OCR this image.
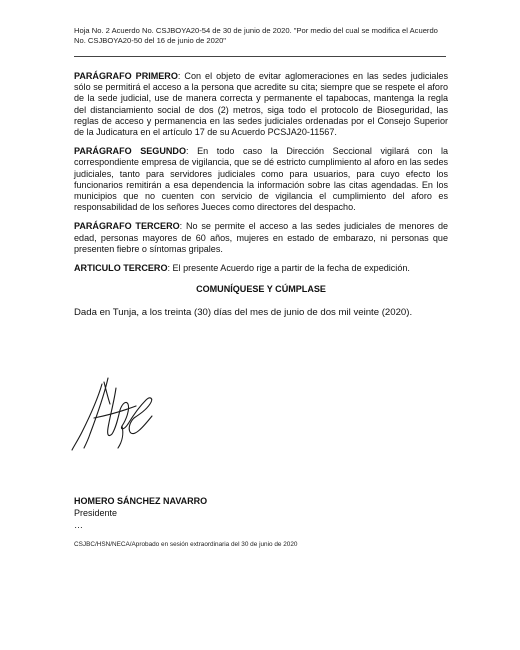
Hoja No. 2 Acuerdo No. CSJBOYA20-54 de 30 de junio de 2020. "Por medio del cual se modifica el Acuerdo
No. CSJBOYA20-50 del 16 de junio de 2020"

PARÁGRAFO PRIMERO: Con el objeto de evitar aglomeraciones en las sedes judiciales sólo se permitirá el acceso a la persona que acredite su cita; siempre que se respete el aforo de la sede judicial, use de manera correcta y permanente el tapabocas, mantenga la regla del distanciamiento social de dos (2) metros, siga todo el protocolo de Bioseguridad, las reglas de acceso y permanencia en las sedes judiciales ordenadas por el Consejo Superior de la Judicatura en el artículo 17 de su Acuerdo PCSJA20-11567.

PARÁGRAFO SEGUNDO: En todo caso la Dirección Seccional vigilará con la correspondiente empresa de vigilancia, que se dé estricto cumplimiento al aforo en las sedes judiciales, tanto para servidores judiciales como para usuarios, para cuyo efecto los funcionarios remitirán a esa dependencia la información sobre las citas agendadas. En los municipios que no cuenten con servicio de vigilancia el cumplimiento del aforo es responsabilidad de los señores Jueces como directores del despacho.

PARÁGRAFO TERCERO: No se permite el acceso a las sedes judiciales de menores de edad, personas mayores de 60 años, mujeres en estado de embarazo, ni personas que presenten fiebre o síntomas gripales.

ARTICULO TERCERO: El presente Acuerdo rige a partir de la fecha de expedición.

COMUNÍQUESE Y CÚMPLASE

Dada en Tunja, a los treinta (30) días del mes de junio de dos mil veinte (2020).

HOMERO SÁNCHEZ NAVARRO
Presidente
…
CSJBC/HSN/NECA/Aprobado en sesión extraordinaria del 30 de junio de 2020
